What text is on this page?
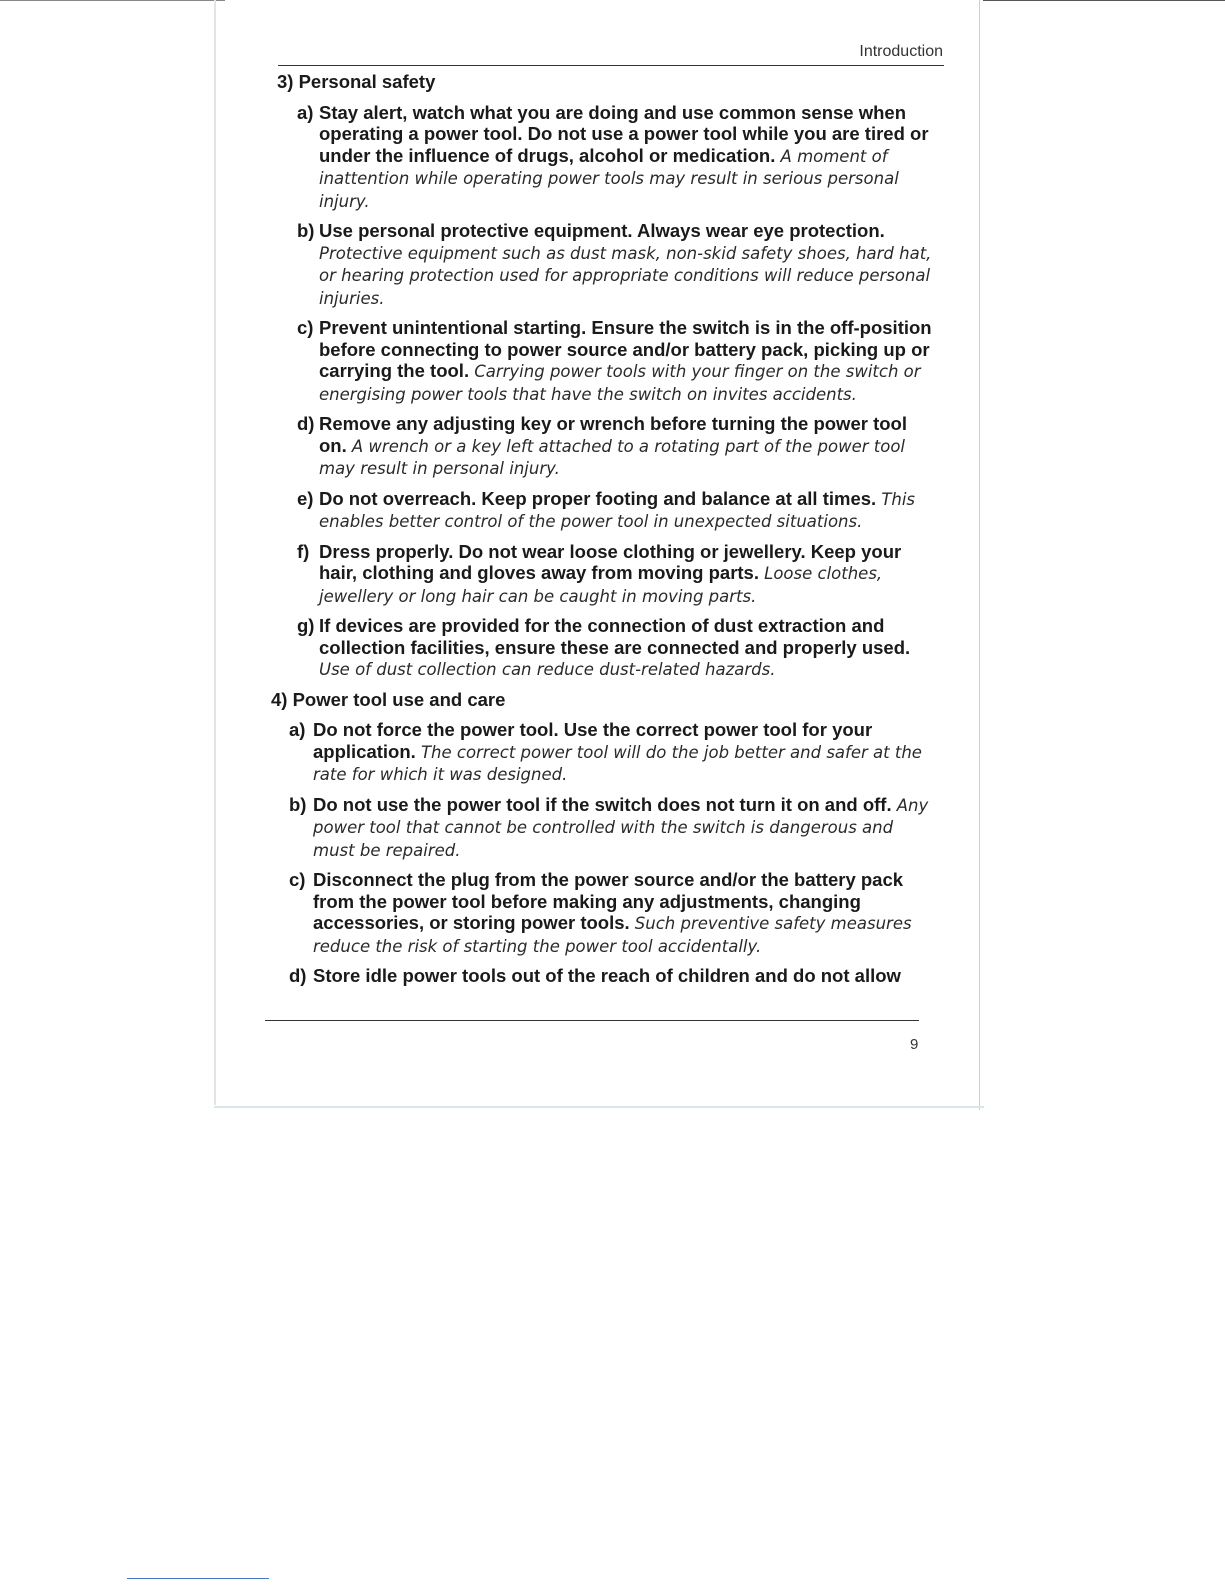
Introduction
3) Personal safety
a) Stay alert, watch what you are doing and use common sense when operating a power tool. Do not use a power tool while you are tired or under the influence of drugs, alcohol or medication. A moment of inattention while operating power tools may result in serious personal injury.
b) Use personal protective equipment. Always wear eye protection. Protective equipment such as dust mask, non-skid safety shoes, hard hat, or hearing protection used for appropriate conditions will reduce personal injuries.
c) Prevent unintentional starting. Ensure the switch is in the off-position before connecting to power source and/or battery pack, picking up or carrying the tool. Carrying power tools with your finger on the switch or energising power tools that have the switch on invites accidents.
d) Remove any adjusting key or wrench before turning the power tool on. A wrench or a key left attached to a rotating part of the power tool may result in personal injury.
e) Do not overreach. Keep proper footing and balance at all times. This enables better control of the power tool in unexpected situations.
f) Dress properly. Do not wear loose clothing or jewellery. Keep your hair, clothing and gloves away from moving parts. Loose clothes, jewellery or long hair can be caught in moving parts.
g) If devices are provided for the connection of dust extraction and collection facilities, ensure these are connected and properly used. Use of dust collection can reduce dust-related hazards.
4) Power tool use and care
a) Do not force the power tool. Use the correct power tool for your application. The correct power tool will do the job better and safer at the rate for which it was designed.
b) Do not use the power tool if the switch does not turn it on and off. Any power tool that cannot be controlled with the switch is dangerous and must be repaired.
c) Disconnect the plug from the power source and/or the battery pack from the power tool before making any adjustments, changing accessories, or storing power tools. Such preventive safety measures reduce the risk of starting the power tool accidentally.
d) Store idle power tools out of the reach of children and do not allow
9
